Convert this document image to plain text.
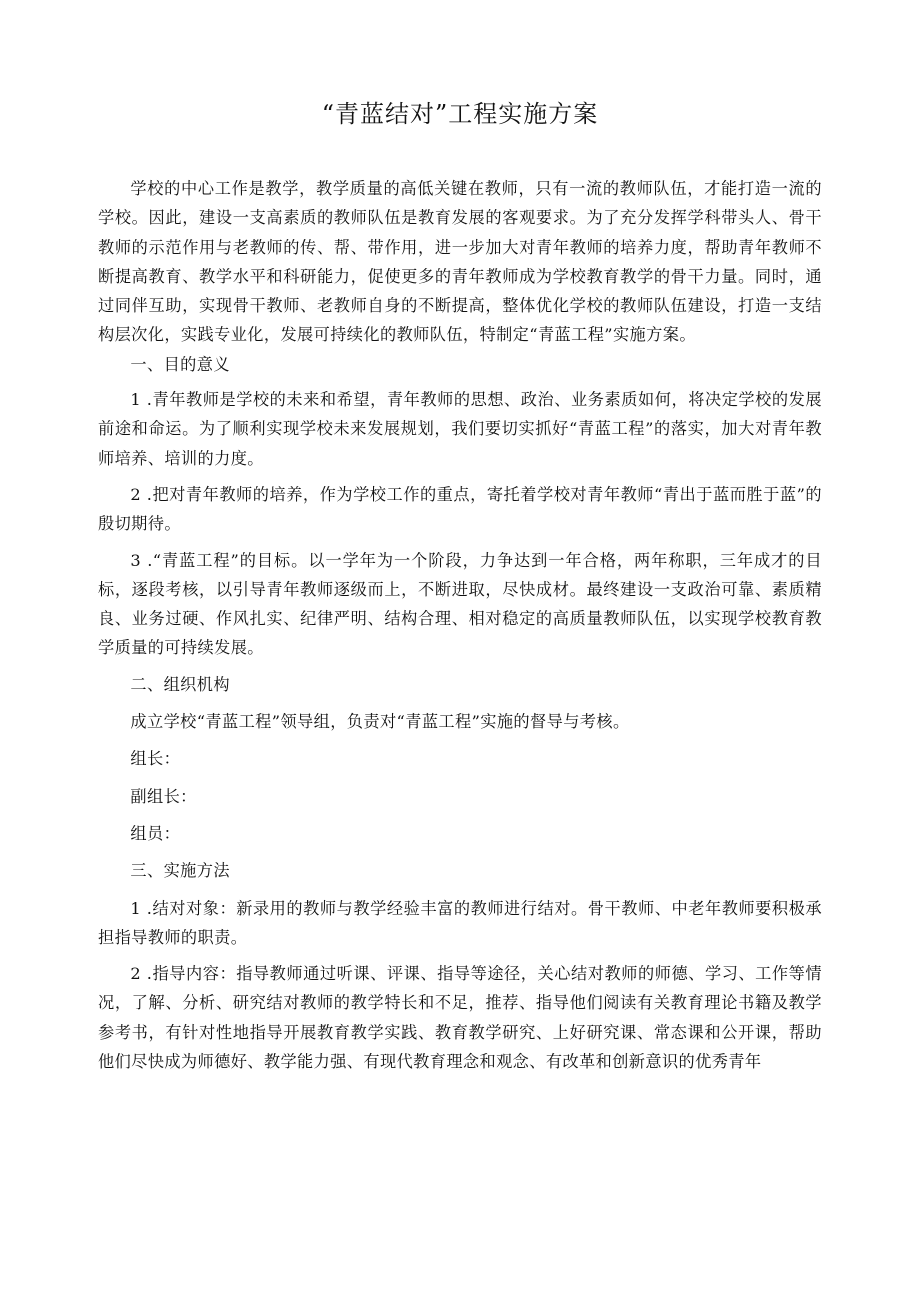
“青蓝结对”工程实施方案

学校的中心工作是教学，教学质量的高低关键在教师，只有一流的教师队伍，才能打造一流的学校。因此，建设一支高素质的教师队伍是教育发展的客观要求。为了充分发挥学科带头人、骨干教师的示范作用与老教师的传、帮、带作用，进一步加大对青年教师的培养力度，帮助青年教师不断提高教育、教学水平和科研能力，促使更多的青年教师成为学校教育教学的骨干力量。同时，通过同伴互助，实现骨干教师、老教师自身的不断提高，整体优化学校的教师队伍建设，打造一支结构层次化，实践专业化，发展可持续化的教师队伍，特制定“青蓝工程”实施方案。

一、目的意义

1 .青年教师是学校的未来和希望，青年教师的思想、政治、业务素质如何，将决定学校的发展前途和命运。为了顺利实现学校未来发展规划，我们要切实抓好“青蓝工程”的落实，加大对青年教师培养、培训的力度。

2 .把对青年教师的培养，作为学校工作的重点，寄托着学校对青年教师“青出于蓝而胜于蓝”的殷切期待。

3 .“青蓝工程”的目标。以一学年为一个阶段，力争达到一年合格，两年称职，三年成才的目标，逐段考核，以引导青年教师逐级而上，不断进取，尽快成材。最终建设一支政治可靠、素质精良、业务过硬、作风扎实、纪律严明、结构合理、相对稳定的高质量教师队伍，以实现学校教育教学质量的可持续发展。

二、组织机构

成立学校“青蓝工程”领导组，负责对“青蓝工程”实施的督导与考核。

组长：

副组长：

组员：

三、实施方法

1 .结对对象：新录用的教师与教学经验丰富的教师进行结对。骨干教师、中老年教师要积极承担指导教师的职责。

2 .指导内容：指导教师通过听课、评课、指导等途径，关心结对教师的师德、学习、工作等情况，了解、分析、研究结对教师的教学特长和不足，推荐、指导他们阅读有关教育理论书籍及教学参考书，有针对性地指导开展教育教学实践、教育教学研究、上好研究课、常态课和公开课，帮助他们尽快成为师德好、教学能力强、有现代教育理念和观念、有改革和创新意识的优秀青年
